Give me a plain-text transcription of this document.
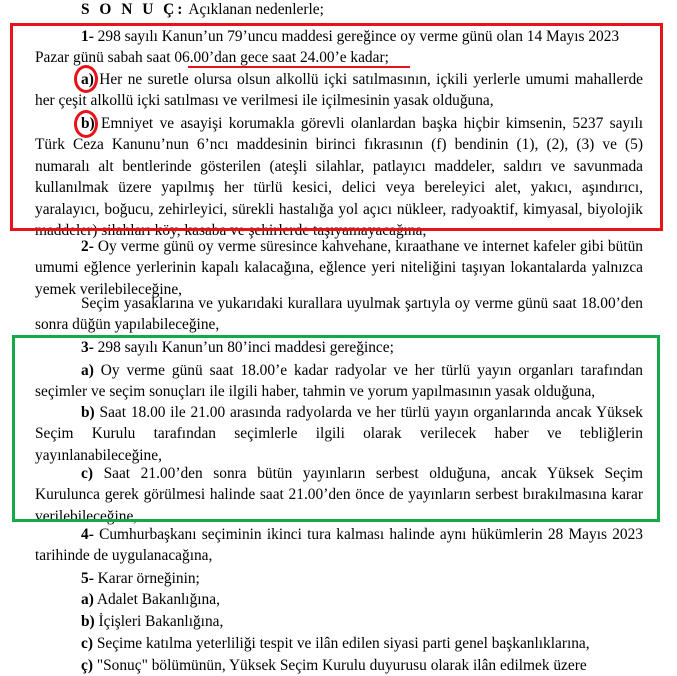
S O N U Ç: Açıklanan nedenlerle;

1- 298 sayılı Kanun’un 79’uncu maddesi gereğince oy verme günü olan 14 Mayıs 2023

Pazar günü sabah saat 06.00’dan gece saat 24.00’e kadar;

a) Her ne suretle olursa olsun alkollü içki satılmasının, içkili yerlerle umumi mahallerde her çeşit alkollü içki satılması ve verilmesi ile içilmesinin yasak olduğuna,

b) Emniyet ve asayişi korumakla görevli olanlardan başka hiçbir kimsenin, 5237 sayılı Türk Ceza Kanunu’nun 6’ncı maddesinin birinci fıkrasının (f) bendinin (1), (2), (3) ve (5) numaralı alt bentlerinde gösterilen (ateşli silahlar, patlayıcı maddeler, saldırı ve savunmada kullanılmak üzere yapılmış her türlü kesici, delici veya bereleyici alet, yakıcı, aşındırıcı, yaralayıcı, boğucu, zehirleyici, sürekli hastalığa yol açıcı nükleer, radyoaktif, kimyasal, biyolojik maddeler) silahları köy, kasaba ve şehirlerde taşıyamayacağına,

2- Oy verme günü oy verme süresince kahvehane, kıraathane ve internet kafeler gibi bütün umumi eğlence yerlerinin kapalı kalacağına, eğlence yeri niteliğini taşıyan lokantalarda yalnızca yemek verilebileceğine,

Seçim yasaklarına ve yukarıdaki kurallara uyulmak şartıyla oy verme günü saat 18.00’den sonra düğün yapılabileceğine,

3- 298 sayılı Kanun’un 80’inci maddesi gereğince;

a) Oy verme günü saat 18.00’e kadar radyolar ve her türlü yayın organları tarafından seçimler ve seçim sonuçları ile ilgili haber, tahmin ve yorum yapılmasının yasak olduğuna,

b) Saat 18.00 ile 21.00 arasında radyolarda ve her türlü yayın organlarında ancak Yüksek Seçim Kurulu tarafından seçimlerle ilgili olarak verilecek haber ve tebliğlerin yayınlanabileceğine,

c) Saat 21.00’den sonra bütün yayınların serbest olduğuna, ancak Yüksek Seçim Kurulunca gerek görülmesi halinde saat 21.00’den önce de yayınların serbest bırakılmasına karar verilebileceğine,

4- Cumhurbaşkanı seçiminin ikinci tura kalması halinde aynı hükümlerin 28 Mayıs 2023 tarihinde de uygulanacağına,

5- Karar örneğinin;

a) Adalet Bakanlığına,

b) İçişleri Bakanlığına,

c) Seçime katılma yeterliliği tespit ve ilân edilen siyasi parti genel başkanlıklarına,

ç) "Sonuç" bölümünün, Yüksek Seçim Kurulu duyurusu olarak ilân edilmek üzere
